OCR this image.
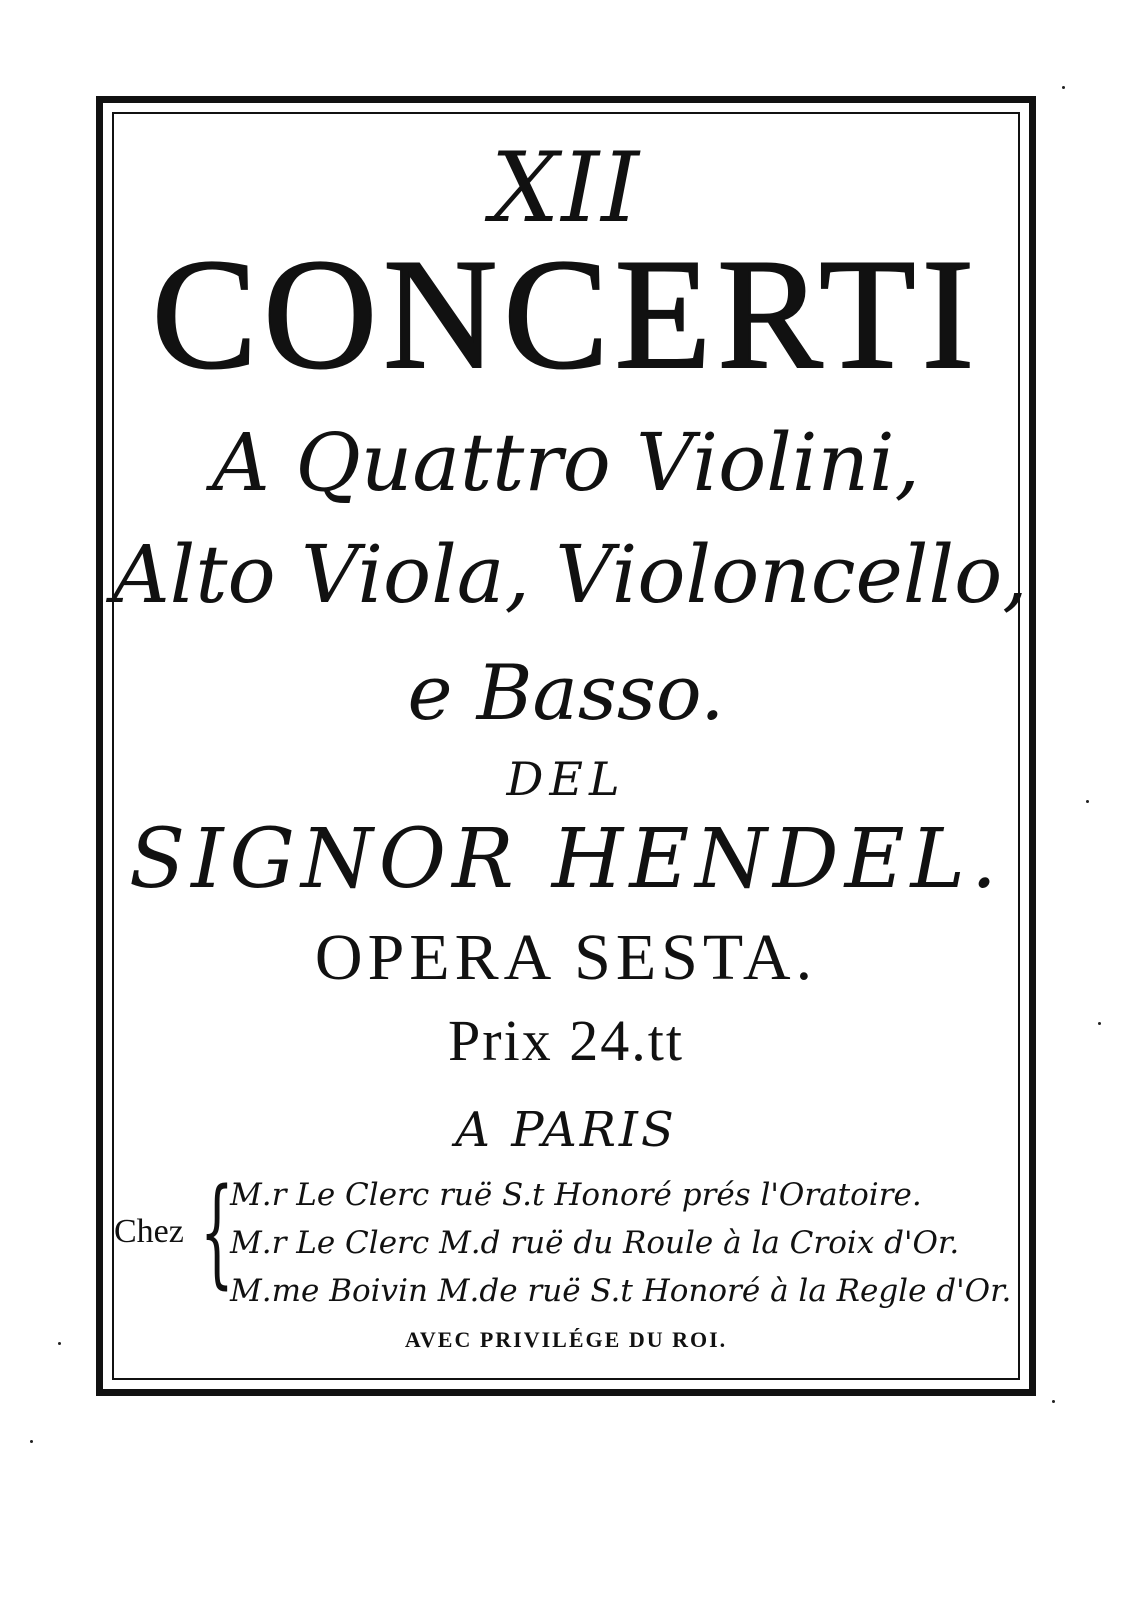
XII
CONCERTI
A Quattro Violini,
Alto Viola, Violoncello,
e Basso.
DEL
SIGNOR HENDEL.
OPERA SESTA.
Prix 24.tt
A PARIS
Chez {
M.r Le Clerc ruë S.t Honoré prés l'Oratoire.
M.r Le Clerc M.d ruë du Roule à la Croix d'Or.
M.me Boivin M.de ruë S.t Honoré à la Regle d'Or.
AVEC PRIVILÉGE DU ROI.
